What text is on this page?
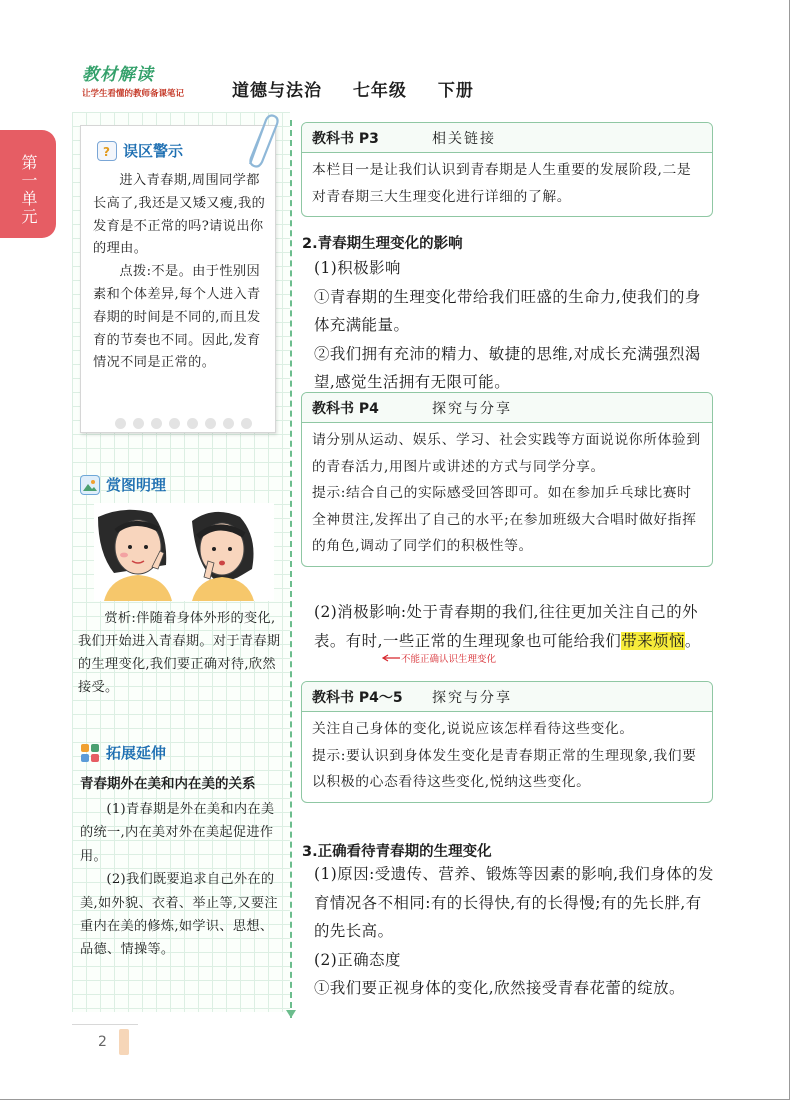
教材解读
让学生看懂的教师备课笔记	道德与法治 七年级 下册
第一单元
? 误区警示

进入青春期,周围同学都长高了,我还是又矮又瘦,我的发育是不正常的吗?请说出你的理由。

点拨:不是。由于性别因素和个体差异,每个人进入青春期的时间是不同的,而且发育的节奏也不同。因此,发育情况不同是正常的。

赏图明理

赏析:伴随着身体外形的变化,我们开始进入青春期。对于青春期的生理变化,我们要正确对待,欣然接受。

拓展延伸
青春期外在美和内在美的关系

(1)青春期是外在美和内在美的统一,内在美对外在美起促进作用。

(2)我们既要追求自己外在的美,如外貌、衣着、举止等,又要注重内在美的修炼,如学识、思想、品德、情操等。

教科书 P3	相关链接
本栏目一是让我们认识到青春期是人生重要的发展阶段,二是对青春期三大生理变化进行详细的了解。
2.青春期生理变化的影响
(1)积极影响
①青春期的生理变化带给我们旺盛的生命力,使我们的身体充满能量。
②我们拥有充沛的精力、敏捷的思维,对成长充满强烈渴望,感觉生活拥有无限可能。
教科书 P4	探究与分享
请分别从运动、娱乐、学习、社会实践等方面说说你所体验到的青春活力,用图片或讲述的方式与同学分享。
提示:结合自己的实际感受回答即可。如在参加乒乓球比赛时全神贯注,发挥出了自己的水平;在参加班级大合唱时做好指挥的角色,调动了同学们的积极性等。
(2)消极影响:处于青春期的我们,往往更加关注自己的外表。有时,一些正常的生理现象也可能给我们带来烦恼。
不能正确认识生理变化
教科书 P4～5	探究与分享
关注自己身体的变化,说说应该怎样看待这些变化。
提示:要认识到身体发生变化是青春期正常的生理现象,我们要以积极的心态看待这些变化,悦纳这些变化。
3.正确看待青春期的生理变化
(1)原因:受遗传、营养、锻炼等因素的影响,我们身体的发育情况各不相同:有的长得快,有的长得慢;有的先长胖,有的先长高。
(2)正确态度
①我们要正视身体的变化,欣然接受青春花蕾的绽放。
2
